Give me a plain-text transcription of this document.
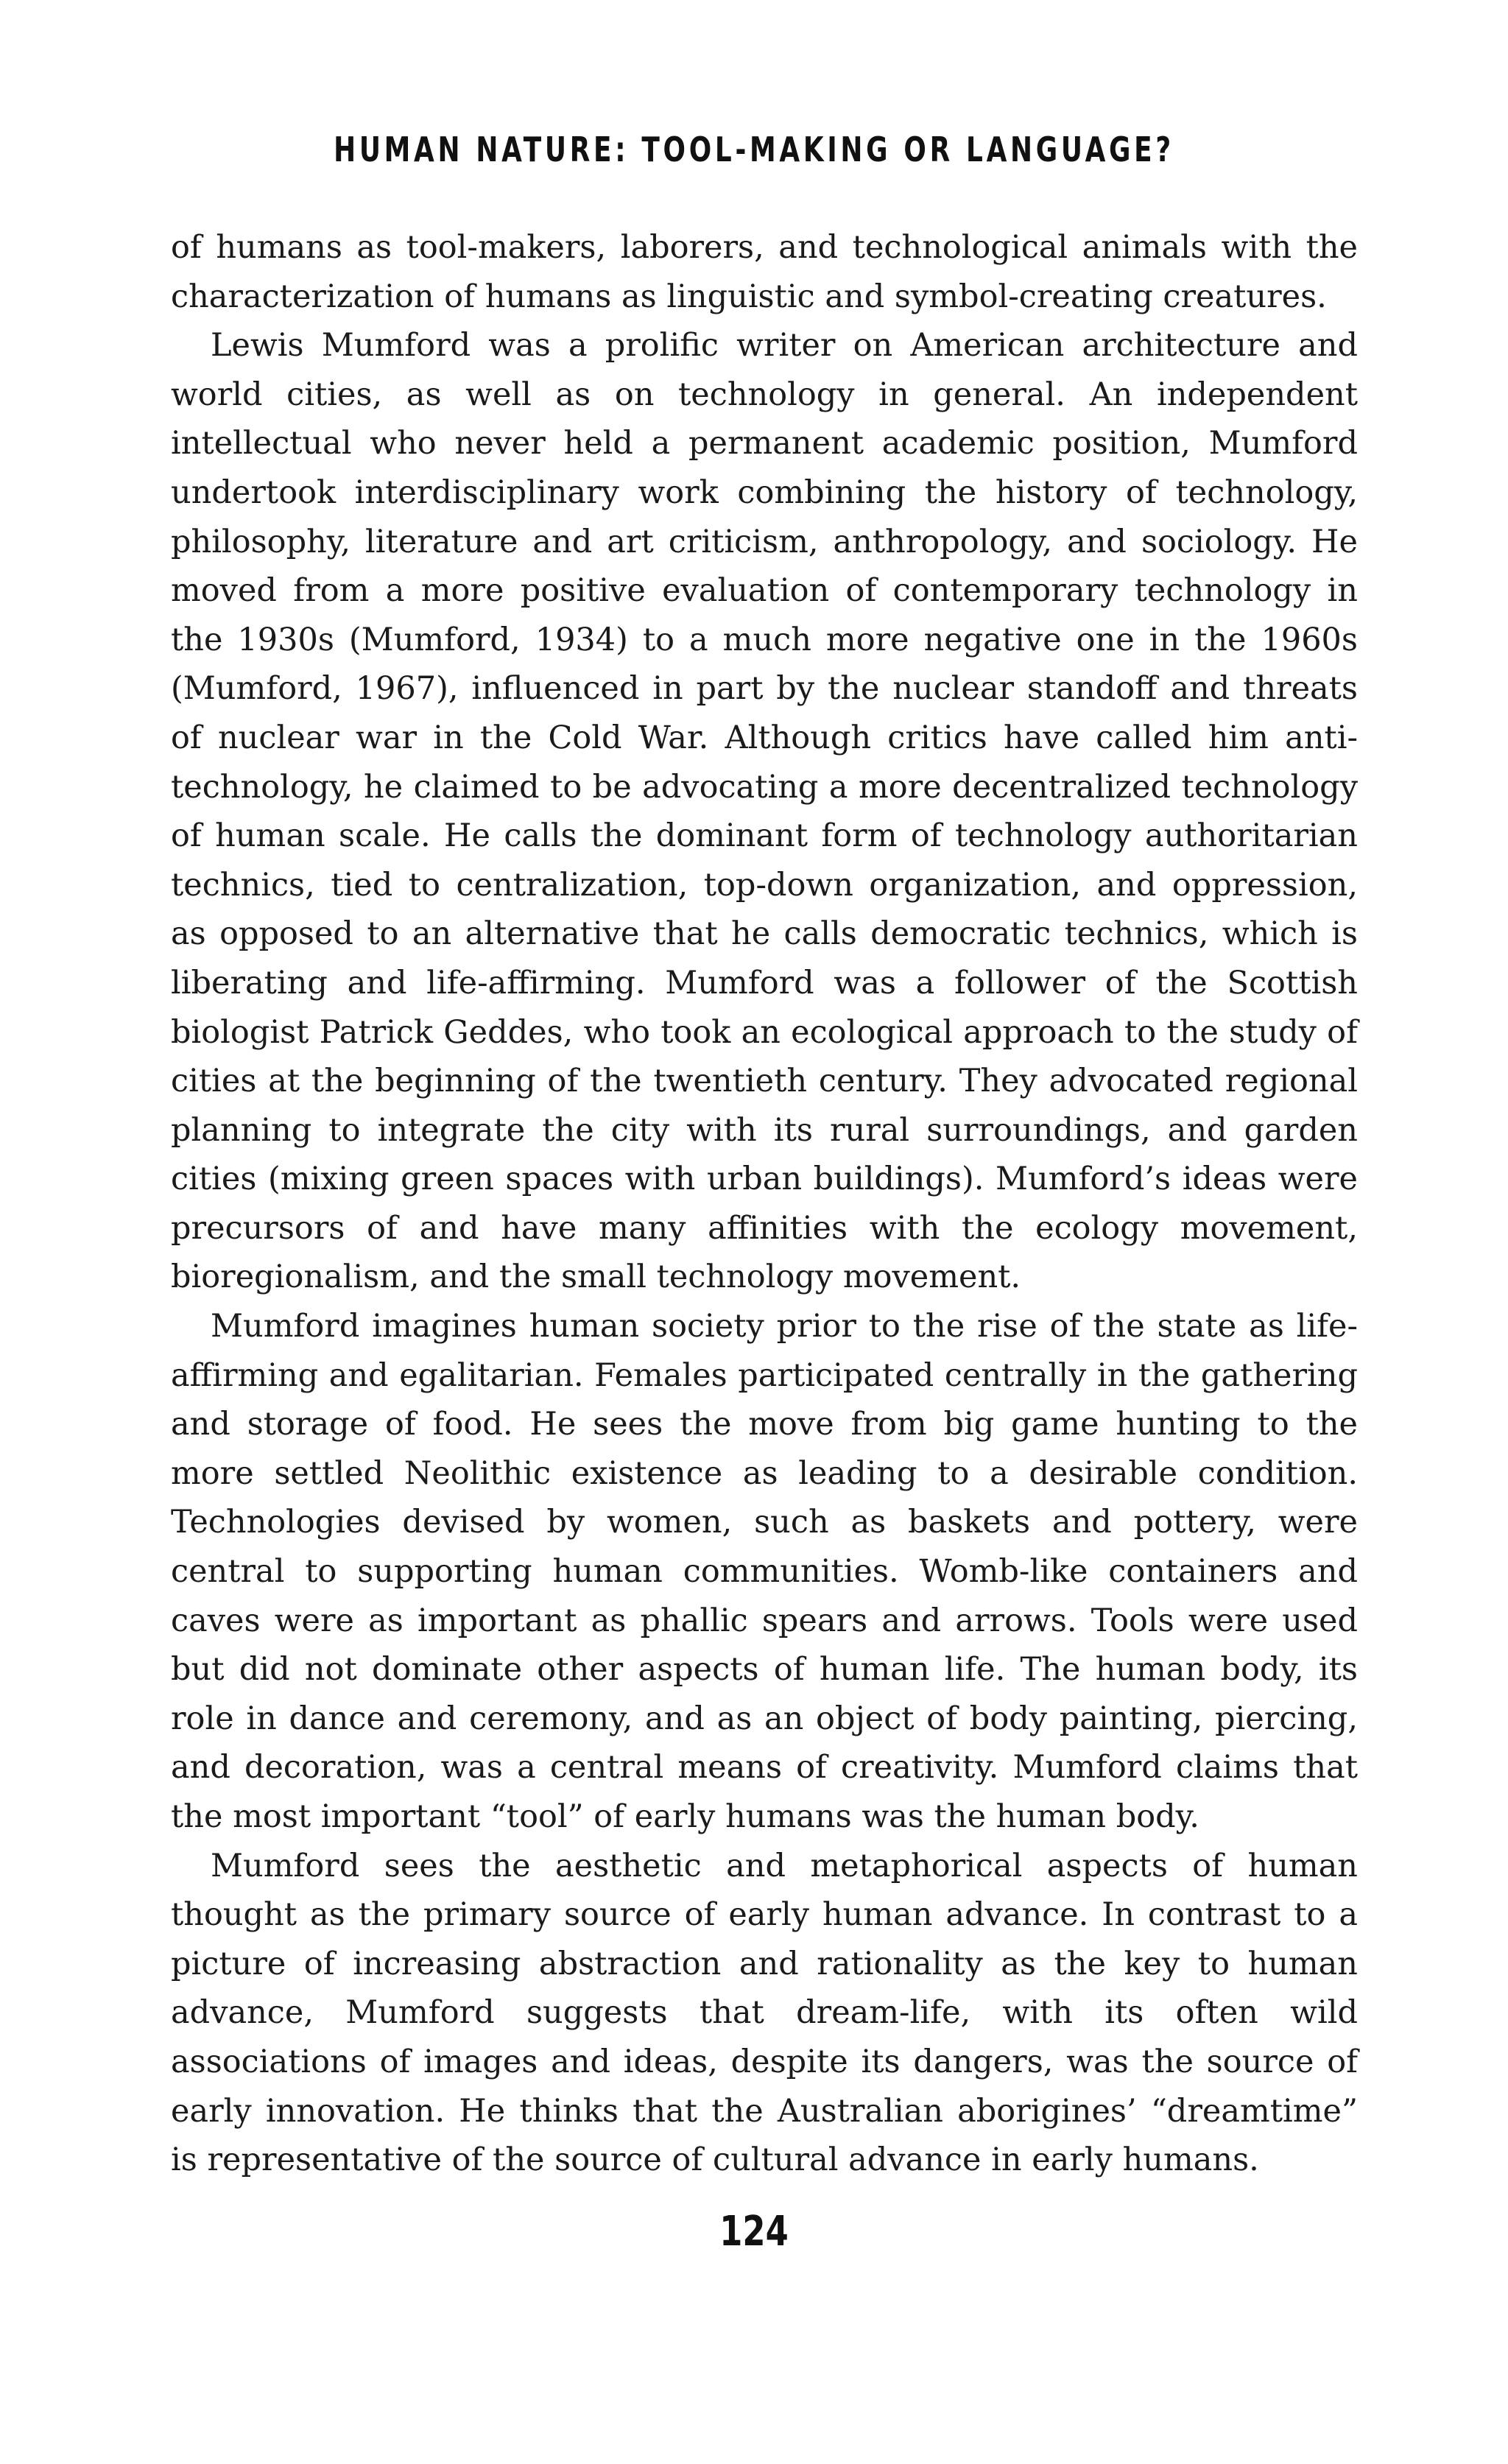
HUMAN NATURE: TOOL-MAKING OR LANGUAGE?

of humans as tool-makers, laborers, and technological animals with the characterization of humans as linguistic and symbol-creating creatures.

Lewis Mumford was a prolific writer on American architecture and world cities, as well as on technology in general. An independent intellectual who never held a permanent academic position, Mumford undertook interdisciplinary work combining the history of technology, philosophy, literature and art criticism, anthropology, and sociology. He moved from a more positive evaluation of contemporary technology in the 1930s (Mumford, 1934) to a much more negative one in the 1960s (Mumford, 1967), influenced in part by the nuclear standoff and threats of nuclear war in the Cold War. Although critics have called him anti-technology, he claimed to be advocating a more decentralized technology of human scale. He calls the dominant form of technology authoritarian technics, tied to centralization, top-down organization, and oppression, as opposed to an alternative that he calls democratic technics, which is liberating and life-affirming. Mumford was a follower of the Scottish biologist Patrick Geddes, who took an ecological approach to the study of cities at the beginning of the twentieth century. They advocated regional planning to integrate the city with its rural surroundings, and garden cities (mixing green spaces with urban buildings). Mumford’s ideas were precursors of and have many affinities with the ecology movement, bioregionalism, and the small technology movement.

Mumford imagines human society prior to the rise of the state as life-affirming and egalitarian. Females participated centrally in the gathering and storage of food. He sees the move from big game hunting to the more settled Neolithic existence as leading to a desirable condition. Technologies devised by women, such as baskets and pottery, were central to supporting human communities. Womb-like containers and caves were as important as phallic spears and arrows. Tools were used but did not dominate other aspects of human life. The human body, its role in dance and ceremony, and as an object of body painting, piercing, and decoration, was a central means of creativity. Mumford claims that the most important “tool” of early humans was the human body.

Mumford sees the aesthetic and metaphorical aspects of human thought as the primary source of early human advance. In contrast to a picture of increasing abstraction and rationality as the key to human advance, Mumford suggests that dream-life, with its often wild associations of images and ideas, despite its dangers, was the source of early innovation. He thinks that the Australian aborigines’ “dreamtime” is representative of the source of cultural advance in early humans.

124
